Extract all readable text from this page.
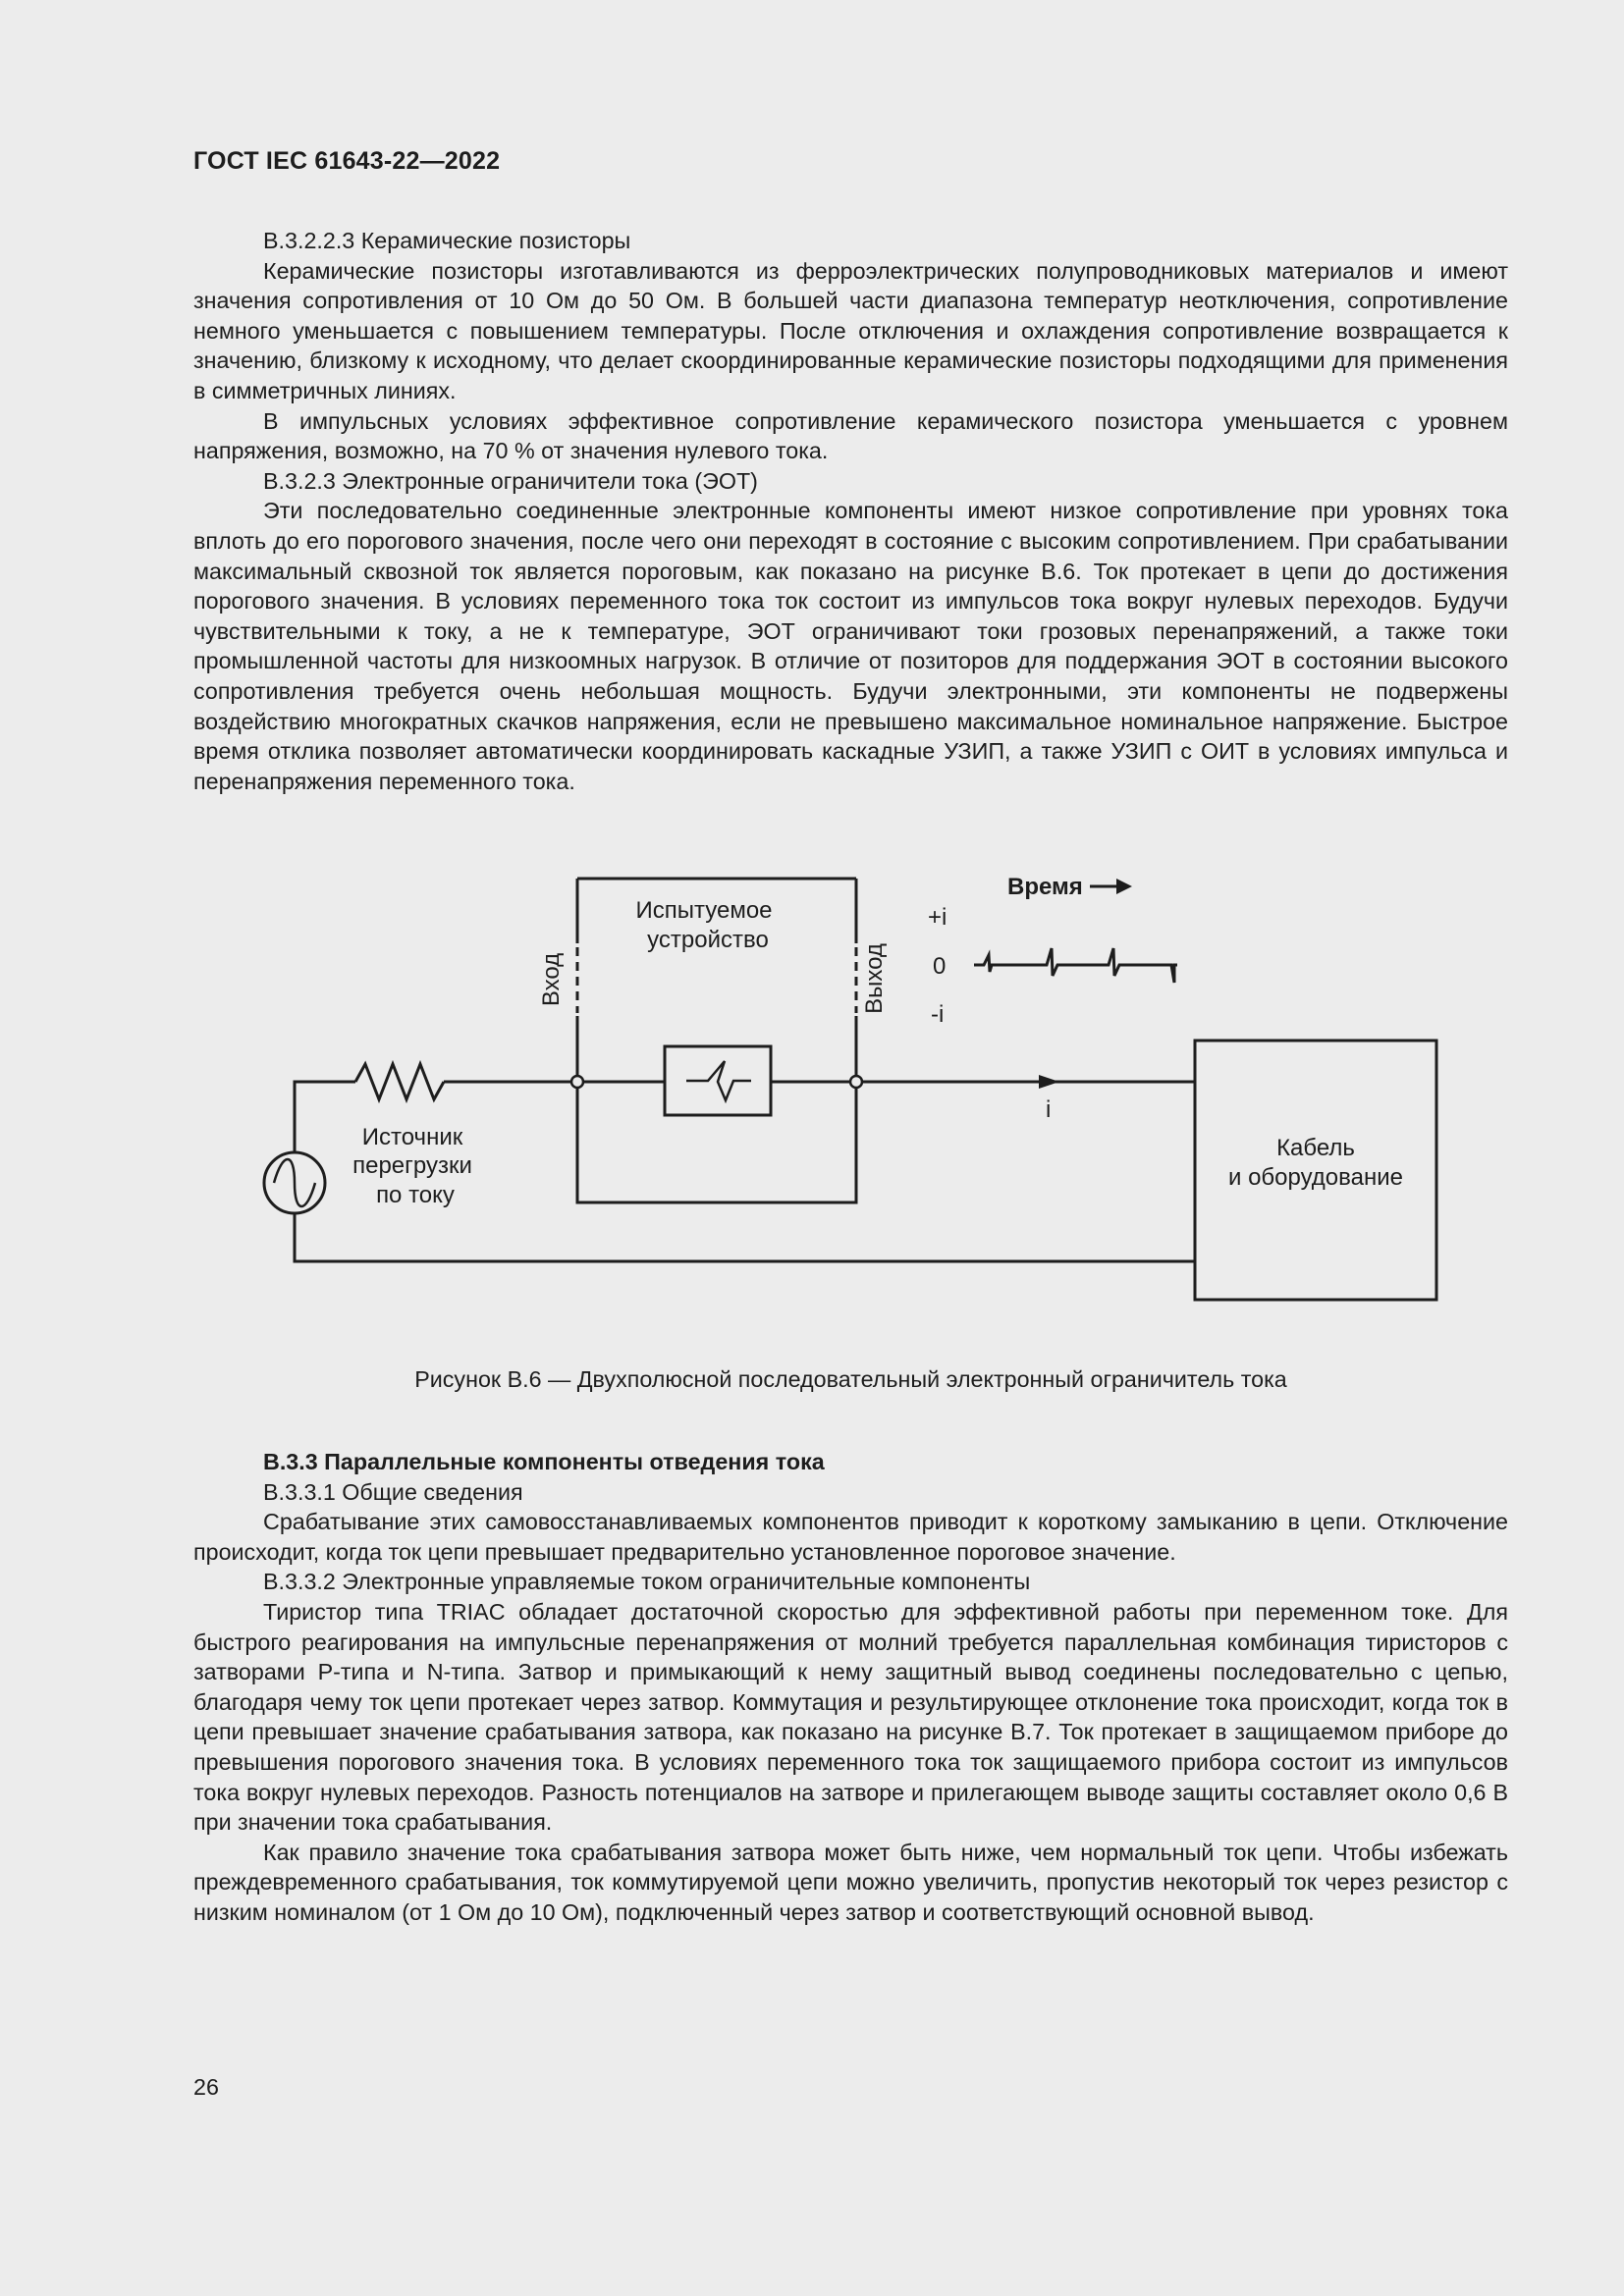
ГОСТ IEC 61643-22—2022

В.3.2.2.3 Керамические позисторы

Керамические позисторы изготавливаются из ферроэлектрических полупроводниковых материалов и имеют значения сопротивления от 10 Ом до 50 Ом. В большей части диапазона температур неотключения, сопротивление немного уменьшается с повышением температуры. После отключения и охлаждения сопротивление возвращается к значению, близкому к исходному, что делает скоординированные керамические позисторы подходящими для применения в симметричных линиях.

В импульсных условиях эффективное сопротивление керамического позистора уменьшается с уровнем напряжения, возможно, на 70 % от значения нулевого тока.

В.3.2.3 Электронные ограничители тока (ЭОТ)

Эти последовательно соединенные электронные компоненты имеют низкое сопротивление при уровнях тока вплоть до его порогового значения, после чего они переходят в состояние с высоким сопротивлением. При срабатывании максимальный сквозной ток является пороговым, как показано на рисунке В.6. Ток протекает в цепи до достижения порогового значения. В условиях переменного тока ток состоит из импульсов тока вокруг нулевых переходов. Будучи чувствительными к току, а не к температуре, ЭОТ ограничивают токи грозовых перенапряжений, а также токи промышленной частоты для низкоомных нагрузок. В отличие от позиторов для поддержания ЭОТ в состоянии высокого сопротивления требуется очень небольшая мощность. Будучи электронными, эти компоненты не подвержены воздействию многократных скачков напряжения, если не превышено максимальное номинальное напряжение. Быстрое время отклика позволяет автоматически координировать каскадные УЗИП, а также УЗИП с ОИТ в условиях импульса и перенапряжения переменного тока.

Время
Испытуемое
устройство
Вход	Выход
+i
0
-i
i
Источник
перегрузки
по току
Кабель
и оборудование
Рисунок В.6 — Двухполюсной последовательный электронный ограничитель тока

В.3.3 Параллельные компоненты отведения тока

В.3.3.1 Общие сведения

Срабатывание этих самовосстанавливаемых компонентов приводит к короткому замыканию в цепи. Отключение происходит, когда ток цепи превышает предварительно установленное пороговое значение.

В.3.3.2 Электронные управляемые током ограничительные компоненты

Тиристор типа TRIAC обладает достаточной скоростью для эффективной работы при переменном токе. Для быстрого реагирования на импульсные перенапряжения от молний требуется параллельная комбинация тиристоров с затворами Р-типа и N-типа. Затвор и примыкающий к нему защитный вывод соединены последовательно с цепью, благодаря чему ток цепи протекает через затвор. Коммутация и результирующее отклонение тока происходит, когда ток в цепи превышает значение срабатывания затвора, как показано на рисунке В.7. Ток протекает в защищаемом приборе до превышения порогового значения тока. В условиях переменного тока ток защищаемого прибора состоит из импульсов тока вокруг нулевых переходов. Разность потенциалов на затворе и прилегающем выводе защиты составляет около 0,6 В при значении тока срабатывания.

Как правило значение тока срабатывания затвора может быть ниже, чем нормальный ток цепи. Чтобы избежать преждевременного срабатывания, ток коммутируемой цепи можно увеличить, пропустив некоторый ток через резистор с низким номиналом (от 1 Ом до 10 Ом), подключенный через затвор и соответствующий основной вывод.

26
